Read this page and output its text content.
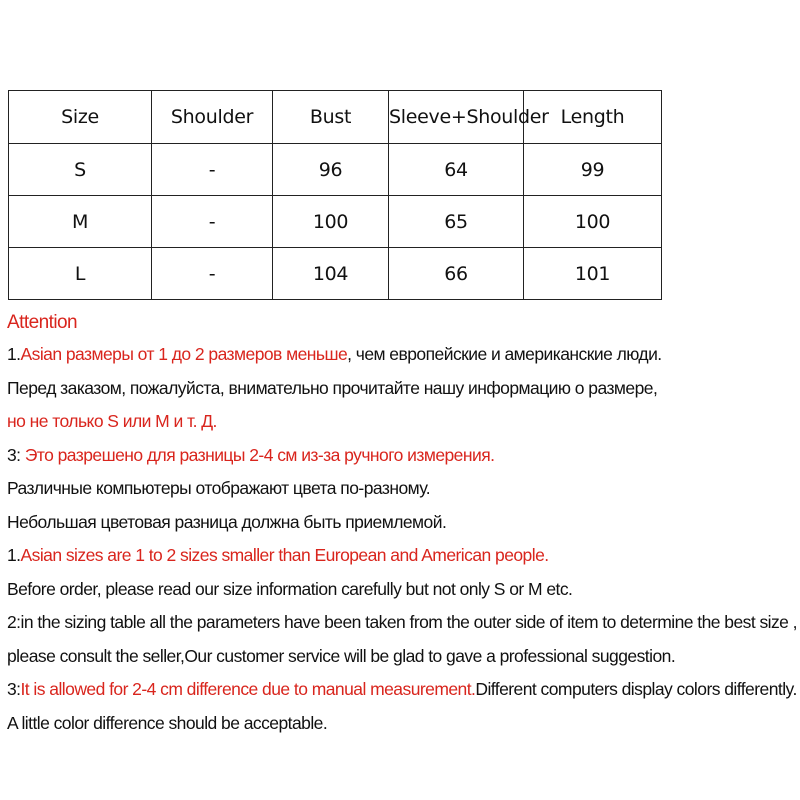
Size	Shoulder	Bust	Sleeve+Shoulder	Length
S	-	96	64	99
M	-	100	65	100
L	-	104	66	101
Attention
1.Asian размеры от 1 до 2 размеров меньше, чем европейские и американские люди.
Перед заказом, пожалуйста, внимательно прочитайте нашу информацию о размере,
но не только S или M и т. Д.
3: Это разрешено для разницы 2-4 см из-за ручного измерения.
Различные компьютеры отображают цвета по-разному.
Небольшая цветовая разница должна быть приемлемой.
1.Asian sizes are 1 to 2 sizes smaller than European and American people.
Before order, please read our size information carefully but not only S or M etc.
2:in the sizing table all the parameters have been taken from the outer side of item to determine the best size ,
please consult the seller,Our customer service will be glad to gave a professional suggestion.
3:It is allowed for 2-4 cm difference due to manual measurement.Different computers display colors differently.
A little color difference should be acceptable.
